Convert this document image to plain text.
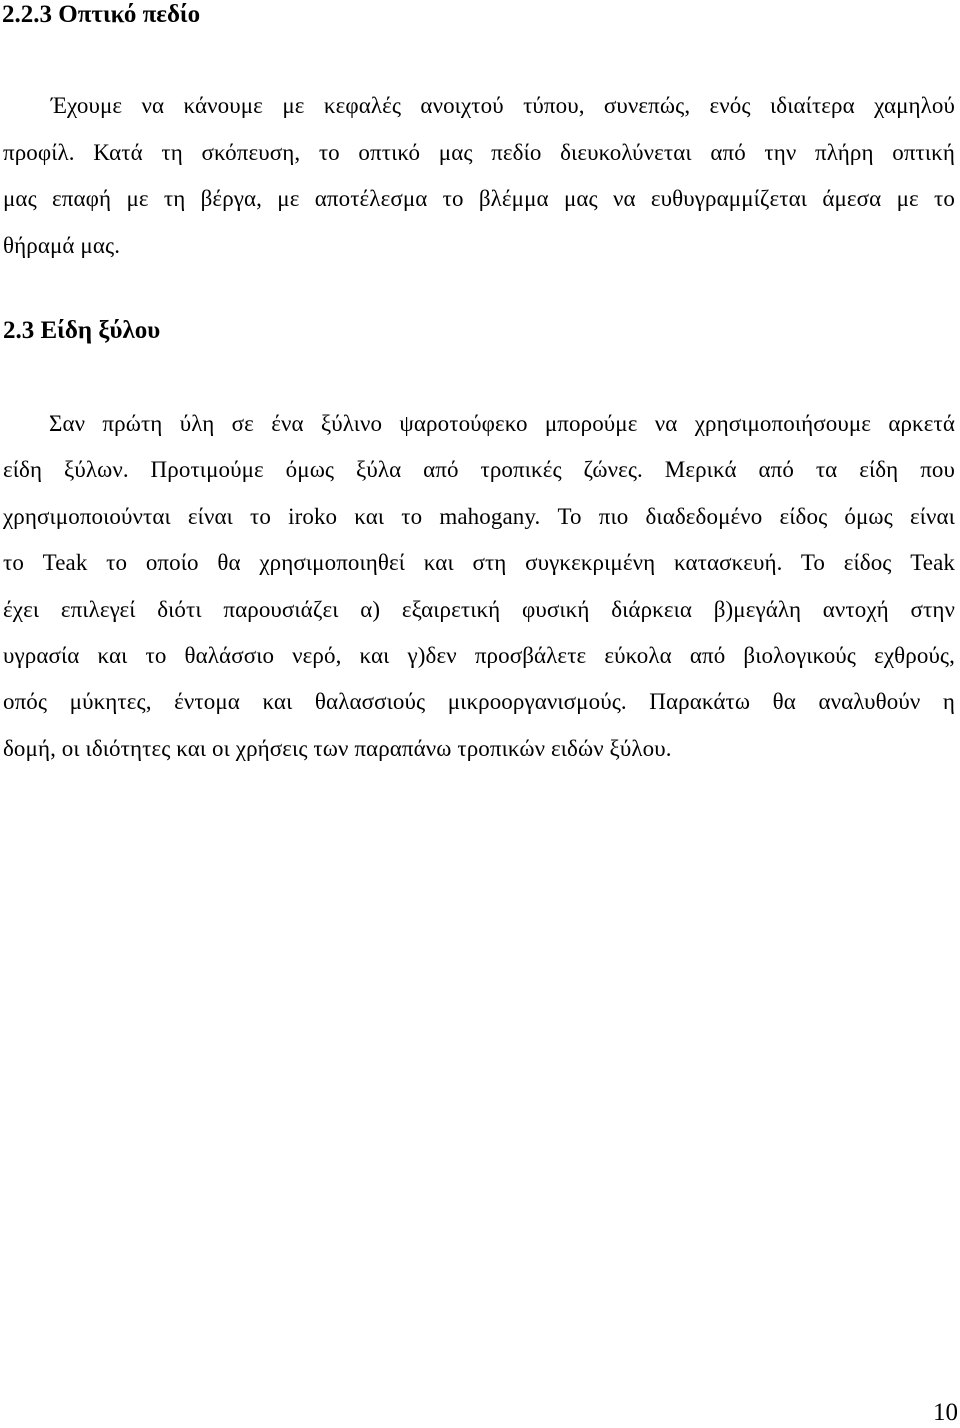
2.2.3 Οπτικό πεδίο

Έχουμε να κάνουμε με κεφαλές ανοιχτού τύπου, συνεπώς, ενός ιδιαίτερα χαμηλού
προφίλ. Κατά τη σκόπευση, το οπτικό μας πεδίο διευκολύνεται από την πλήρη οπτική
μας επαφή με τη βέργα, με αποτέλεσμα το βλέμμα μας να ευθυγραμμίζεται άμεσα με το
θήραμά μας.

2.3 Είδη ξύλου

Σαν πρώτη ύλη σε ένα ξύλινο ψαροτούφεκο μπορούμε να χρησιμοποιήσουμε αρκετά
είδη ξύλων. Προτιμούμε όμως ξύλα από τροπικές ζώνες. Μερικά από τα είδη που
χρησιμοποιούνται είναι το iroko και το mahogany. Το πιο διαδεδομένο είδος όμως είναι
το Teak το οποίο θα χρησιμοποιηθεί και στη συγκεκριμένη κατασκευή. Το είδος Teak
έχει επιλεγεί διότι παρουσιάζει α) εξαιρετική φυσική διάρκεια β)μεγάλη αντοχή στην
υγρασία και το θαλάσσιο νερό, και γ)δεν προσβάλετε εύκολα από βιολογικούς εχθρούς,
οπός μύκητες, έντομα και θαλασσιούς μικροοργανισμούς. Παρακάτω θα αναλυθούν η
δομή, οι ιδιότητες και οι χρήσεις των παραπάνω τροπικών ειδών ξύλου.

10
